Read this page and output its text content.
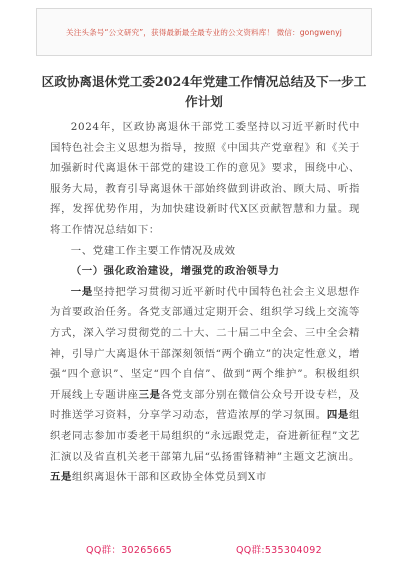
关注头条号“公文研究”，获得最新最全最专业的公文资料库！ 微信：gongwenyj
区政协离退休党工委2024年党建工作情况总结及下一步工作计划

2024年，区政协离退休干部党工委坚持以习近平新时代中国特色社会主义思想为指导，按照《中国共产党章程》和《关于加强新时代离退休干部党的建设工作的意见》要求，围绕中心、服务大局，教育引导离退休干部始终做到讲政治、顾大局、听指挥，发挥优势作用，为加快建设新时代X区贡献智慧和力量。现将工作情况总结如下：

一、党建工作主要工作情况及成效

（一）强化政治建设，增强党的政治领导力

一是坚持把学习贯彻习近平新时代中国特色社会主义思想作为首要政治任务。各党支部通过定期开会、组织学习线上交流等方式，深入学习贯彻党的二十大、二十届二中全会、三中全会精神，引导广大离退休干部深刻领悟“两个确立”的决定性意义，增强“四个意识”、坚定“四个自信”、做到“两个维护”。积极组织开展线上专题讲座三是各党支部分别在微信公众号开设专栏，及时推送学习资料，分享学习动态，营造浓厚的学习氛围。四是组织老同志参加市委老干局组织的“永远跟党走，奋进新征程”文艺汇演以及省直机关老干部第九届“弘扬雷锋精神”主题文艺演出。五是组织离退休干部和区政协全体党员到X市

QQ群：30265665	QQ群:535304092
